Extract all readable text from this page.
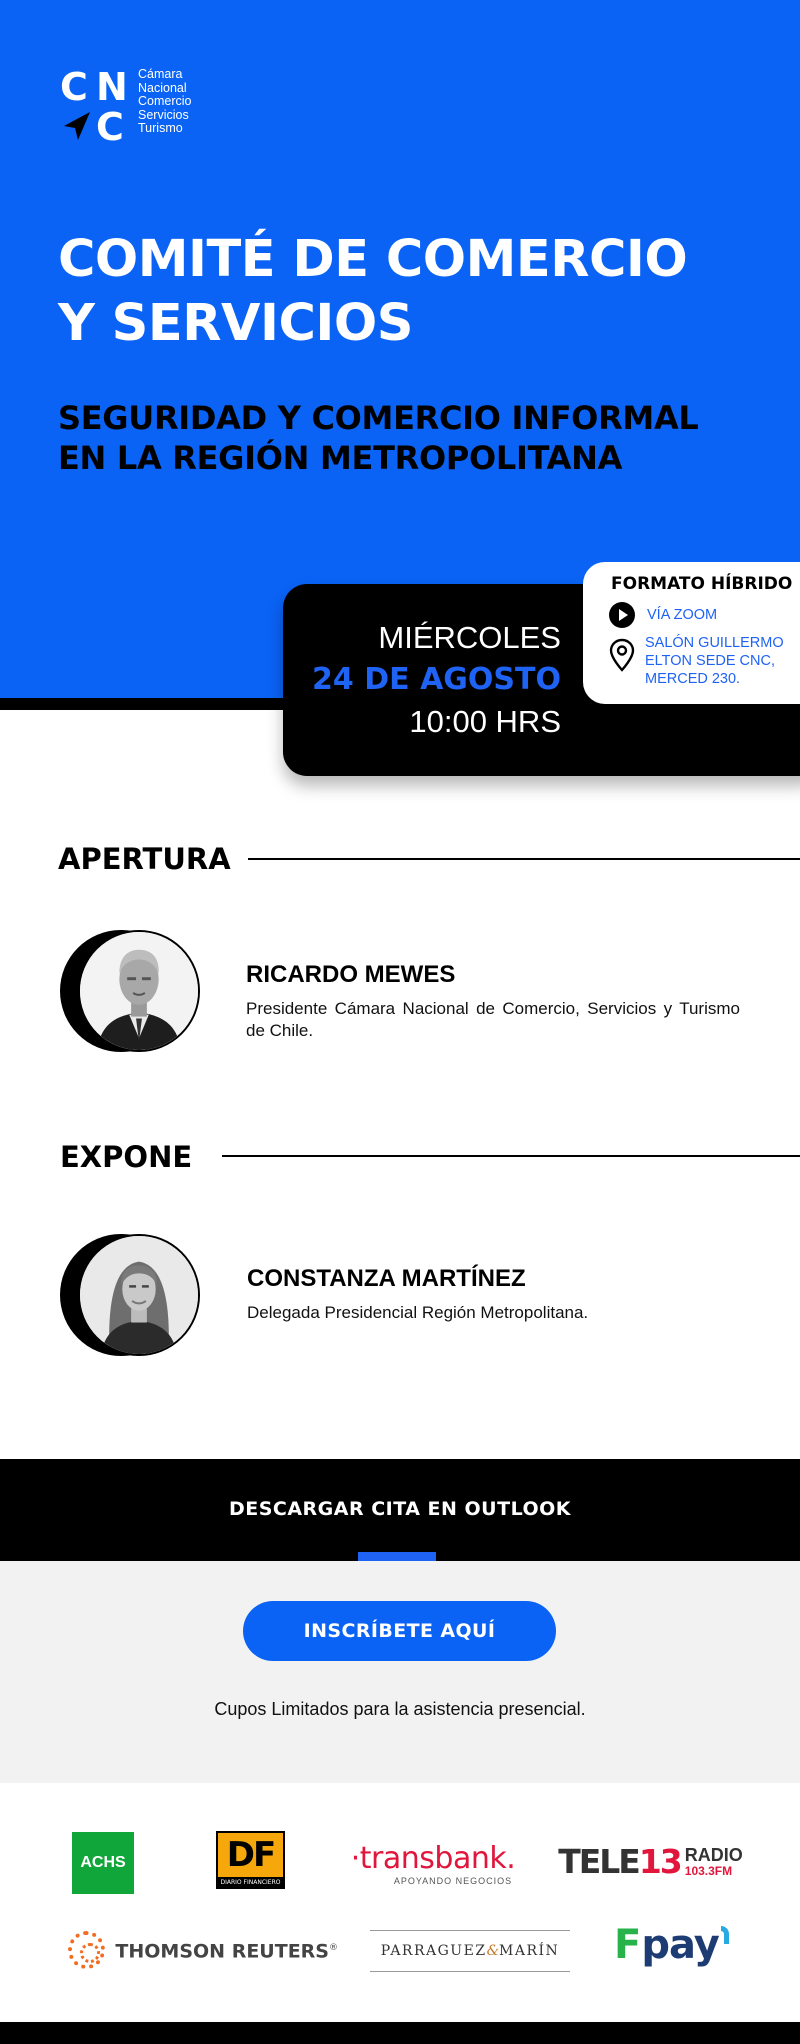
C N
C
Cámara
Nacional
Comercio
Servicios
Turismo
COMITÉ DE COMERCIO
Y SERVICIOS
SEGURIDAD Y COMERCIO INFORMAL
EN LA REGIÓN METROPOLITANA
MIÉRCOLES
24 DE AGOSTO
10:00 HRS
FORMATO HÍBRIDO
VÍA ZOOM
SALÓN GUILLERMO
ELTON SEDE CNC,
MERCED 230.
APERTURA
RICARDO MEWES
Presidente Cámara Nacional de Comercio, Servicios y Turismo de Chile.
EXPONE
CONSTANZA MARTÍNEZ
Delegada Presidencial Región Metropolitana.
DESCARGAR CITA EN OUTLOOK
INSCRÍBETE AQUÍ
Cupos Limitados para la asistencia presencial.
ACHS	DF
DIARIO FINANCIERO
·transbank.
APOYANDO NEGOCIOS TELE13 RADIO
103.3FM
THOMSON REUTERS®	PARRAGUEZ & MARÍN F pay
